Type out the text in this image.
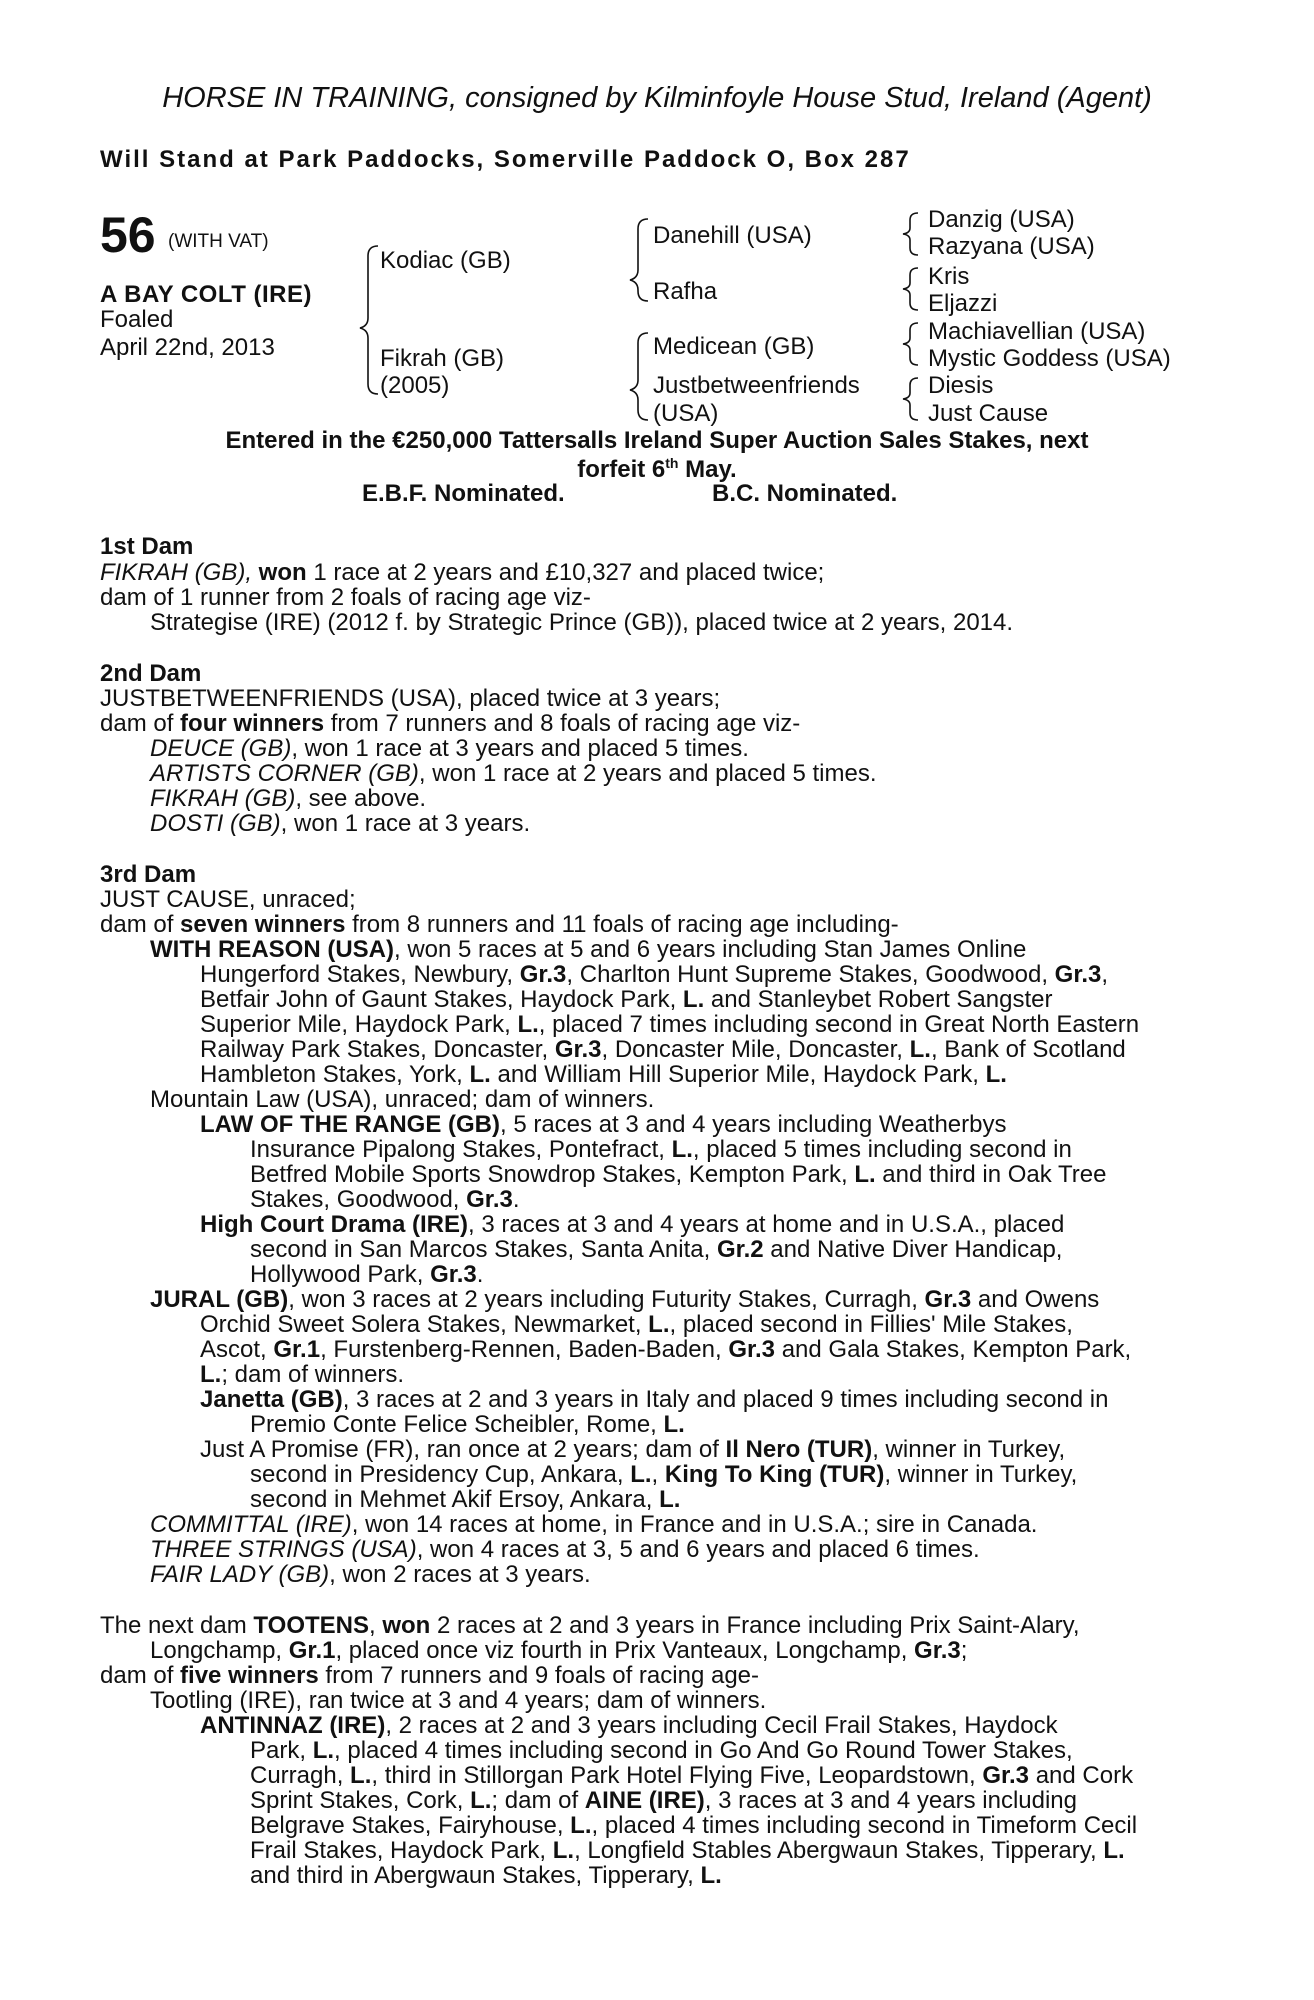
HORSE IN TRAINING, consigned by Kilminfoyle House Stud, Ireland (Agent)
Will Stand at Park Paddocks, Somerville Paddock O, Box 287
56 (WITH VAT)
A BAY COLT (IRE)
Foaled
April 22nd, 2013
Kodiac (GB)
Fikrah (GB)
(2005)
Danehill (USA)
Rafha
Medicean (GB)
Justbetweenfriends
(USA)
Danzig (USA)
Razyana (USA)
Kris
Eljazzi
Machiavellian (USA)
Mystic Goddess (USA)
Diesis
Just Cause
Entered in the €250,000 Tattersalls Ireland Super Auction Sales Stakes, next
forfeit 6th May.
E.B.F. Nominated.	B.C. Nominated.
1st Dam
FIKRAH (GB), won 1 race at 2 years and £10,327 and placed twice;
dam of 1 runner from 2 foals of racing age viz-
Strategise (IRE) (2012 f. by Strategic Prince (GB)), placed twice at 2 years, 2014.
2nd Dam
JUSTBETWEENFRIENDS (USA), placed twice at 3 years;
dam of four winners from 7 runners and 8 foals of racing age viz-
DEUCE (GB), won 1 race at 3 years and placed 5 times.
ARTISTS CORNER (GB), won 1 race at 2 years and placed 5 times.
FIKRAH (GB), see above.
DOSTI (GB), won 1 race at 3 years.
3rd Dam
JUST CAUSE, unraced;
dam of seven winners from 8 runners and 11 foals of racing age including-
WITH REASON (USA), won 5 races at 5 and 6 years including Stan James Online
Hungerford Stakes, Newbury, Gr.3, Charlton Hunt Supreme Stakes, Goodwood, Gr.3,
Betfair John of Gaunt Stakes, Haydock Park, L. and Stanleybet Robert Sangster
Superior Mile, Haydock Park, L., placed 7 times including second in Great North Eastern
Railway Park Stakes, Doncaster, Gr.3, Doncaster Mile, Doncaster, L., Bank of Scotland
Hambleton Stakes, York, L. and William Hill Superior Mile, Haydock Park, L.
Mountain Law (USA), unraced; dam of winners.
LAW OF THE RANGE (GB), 5 races at 3 and 4 years including Weatherbys
Insurance Pipalong Stakes, Pontefract, L., placed 5 times including second in
Betfred Mobile Sports Snowdrop Stakes, Kempton Park, L. and third in Oak Tree
Stakes, Goodwood, Gr.3.
High Court Drama (IRE), 3 races at 3 and 4 years at home and in U.S.A., placed
second in San Marcos Stakes, Santa Anita, Gr.2 and Native Diver Handicap,
Hollywood Park, Gr.3.
JURAL (GB), won 3 races at 2 years including Futurity Stakes, Curragh, Gr.3 and Owens
Orchid Sweet Solera Stakes, Newmarket, L., placed second in Fillies' Mile Stakes,
Ascot, Gr.1, Furstenberg-Rennen, Baden-Baden, Gr.3 and Gala Stakes, Kempton Park,
L.; dam of winners.
Janetta (GB), 3 races at 2 and 3 years in Italy and placed 9 times including second in
Premio Conte Felice Scheibler, Rome, L.
Just A Promise (FR), ran once at 2 years; dam of Il Nero (TUR), winner in Turkey,
second in Presidency Cup, Ankara, L., King To King (TUR), winner in Turkey,
second in Mehmet Akif Ersoy, Ankara, L.
COMMITTAL (IRE), won 14 races at home, in France and in U.S.A.; sire in Canada.
THREE STRINGS (USA), won 4 races at 3, 5 and 6 years and placed 6 times.
FAIR LADY (GB), won 2 races at 3 years.
The next dam TOOTENS, won 2 races at 2 and 3 years in France including Prix Saint-Alary,
Longchamp, Gr.1, placed once viz fourth in Prix Vanteaux, Longchamp, Gr.3;
dam of five winners from 7 runners and 9 foals of racing age-
Tootling (IRE), ran twice at 3 and 4 years; dam of winners.
ANTINNAZ (IRE), 2 races at 2 and 3 years including Cecil Frail Stakes, Haydock
Park, L., placed 4 times including second in Go And Go Round Tower Stakes,
Curragh, L., third in Stillorgan Park Hotel Flying Five, Leopardstown, Gr.3 and Cork
Sprint Stakes, Cork, L.; dam of AINE (IRE), 3 races at 3 and 4 years including
Belgrave Stakes, Fairyhouse, L., placed 4 times including second in Timeform Cecil
Frail Stakes, Haydock Park, L., Longfield Stables Abergwaun Stakes, Tipperary, L.
and third in Abergwaun Stakes, Tipperary, L.
